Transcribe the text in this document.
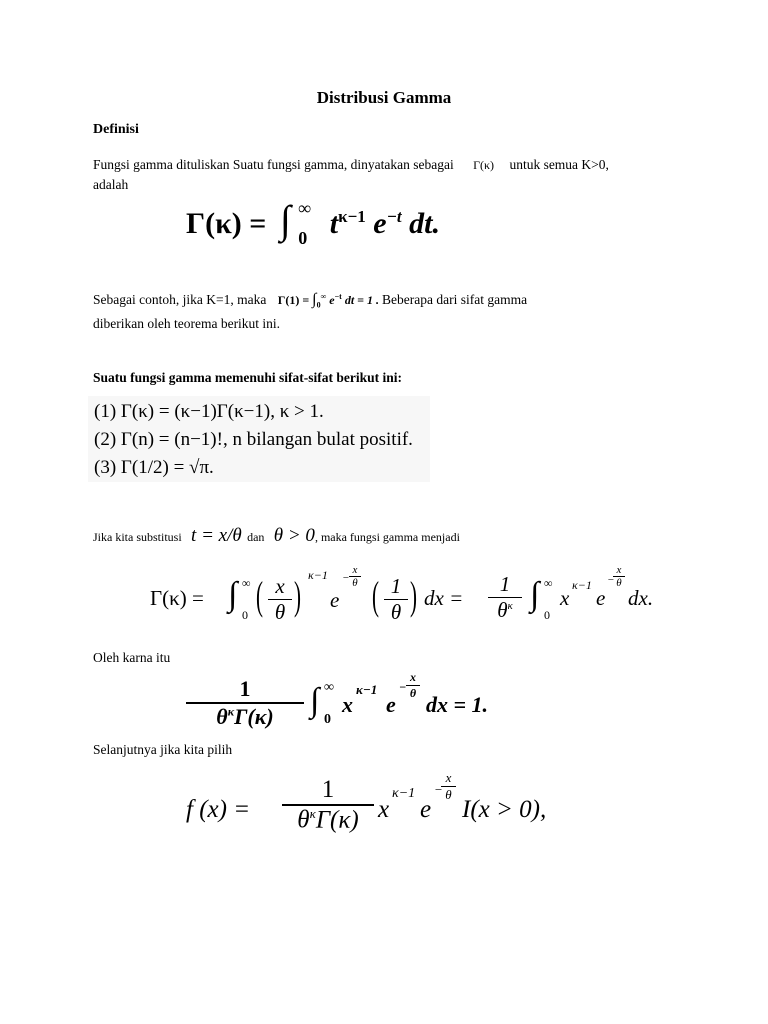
Distribusi Gamma
Definisi
Fungsi gamma dituliskan Suatu fungsi gamma, dinyatakan sebagai Γ(κ) untuk semua K>0,
adalah
Γ(κ) = ∫ ∞
0 $t^{\kappa-1}$ $e^{-t}$ dt.
Sebagai contoh, jika K=1, maka $\Gamma(1) = \int_0^\infty$ $e^{-t}$ dt = 1 . Beberapa dari sifat gamma
diberikan oleh teorema berikut ini.
Suatu fungsi gamma memenuhi sifat-sifat berikut ini:
(1) Γ(κ) = (κ−1)Γ(κ−1), κ > 1.
(2) Γ(n) = (n−1)!, n bilangan bulat positif.
(3) Γ(1/2) = √π.
Jika kita substitusi t = x/θ dan θ > 0, maka fungsi gamma menjadi
Γ(κ) = ∫ ∞
0 ( $\frac{x}{\theta}$ ) κ−1
e
− $\frac{x}{\theta}$ ( $\frac{1}{\theta}$ ) dx = $\frac{1}{\theta^\kappa}$ ∫ ∞
0
x
κ−1
e
−
$\frac{x}{\theta}$
dx.
Oleh karna itu
1
$\theta^\kappa\Gamma(\kappa)$	∫ ∞
0
x
κ−1
e
− $\frac{x}{\theta}$
dx = 1.
Selanjutnya jika kita pilih
f (x) =
1
$\theta^\kappa\Gamma(\kappa)$ x
κ−1
e
−
$\frac{x}{\theta}$
I(x > 0),
